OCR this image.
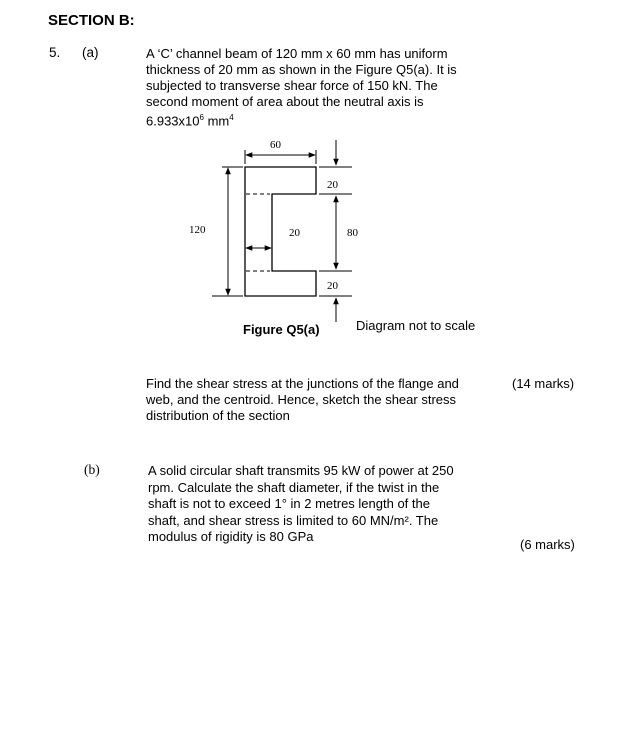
SECTION B:
5. (a)	A ‘C’ channel beam of 120 mm x 60 mm has uniform

thickness of 20 mm as shown in the Figure Q5(a). It is

subjected to transverse shear force of 150 kN. The

second moment of area about the neutral axis is

$6.933x10^6$ $mm^4$

60
120	20
20
80
20
Figure Q5(a)	Diagram not to scale

Find the shear stress at the junctions of the flange and

web, and the centroid. Hence, sketch the shear stress

distribution of the section

(14 marks)
(b)	A solid circular shaft transmits 95 kW of power at 250

rpm. Calculate the shaft diameter, if the twist in the

shaft is not to exceed 1° in 2 metres length of the

shaft, and shear stress is limited to 60 MN/m². The

modulus of rigidity is 80 GPa

(6 marks)
